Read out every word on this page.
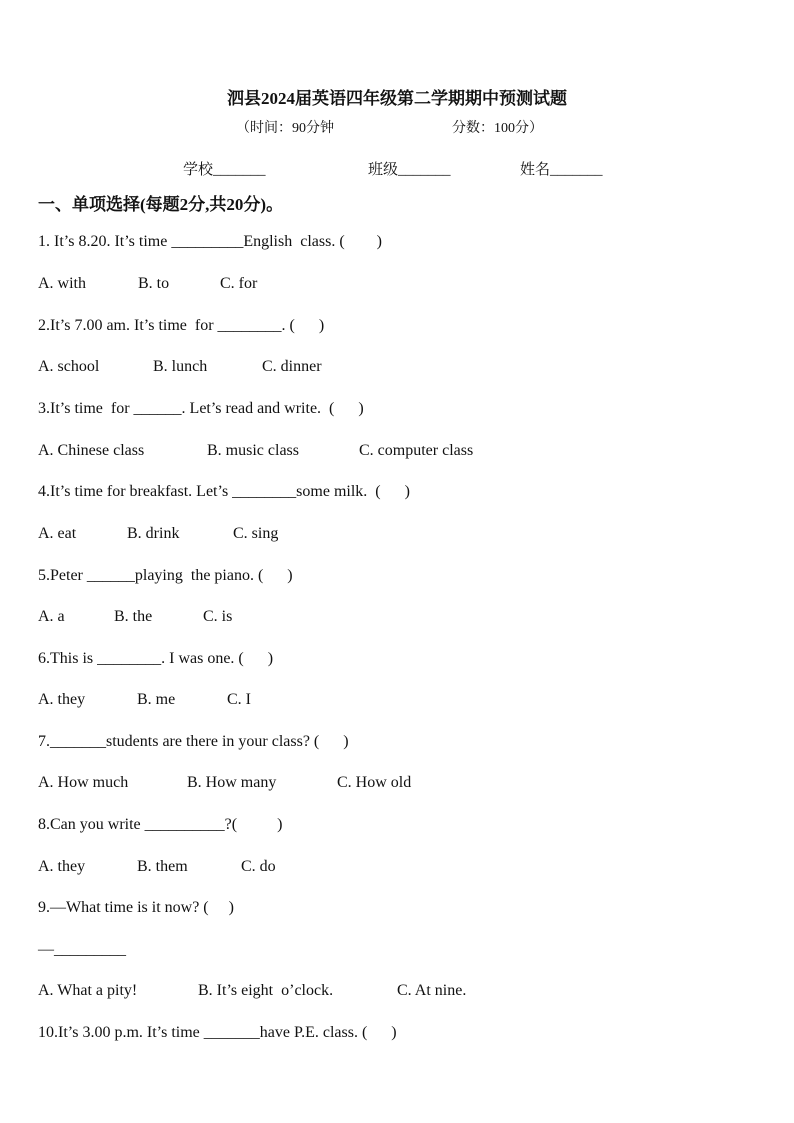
泗县2024届英语四年级第二学期期中预测试题
（时间：90分钟	分数：100分）
学校_______	班级_______	姓名_______
一、单项选择(每题2分,共20分)。
1. It’s 8.20. It’s time _________English  class. (        )
A. with	B. to	C. for
2.It’s 7.00 am. It’s time  for ________. (      )
A. school	B. lunch	C. dinner
3.It’s time  for ______. Let’s read and write.  (      )
A. Chinese class	B. music class	C. computer class
4.It’s time for breakfast. Let’s ________some milk.  (      )
A. eat	B. drink	C. sing
5.Peter ______playing  the piano. (      )
A. a	B. the	C. is
6.This is ________. I was one. (      )
A. they	B. me	C. I
7._______students are there in your class? (      )
A. How much	B. How many	C. How old
8.Can you write __________?(          )
A. they	B. them	C. do
9.—What time is it now? (     )
—_________
A. What a pity!	B. It’s eight  o’clock.	C. At nine.
10.It’s 3.00 p.m. It’s time _______have P.E. class. (      )
